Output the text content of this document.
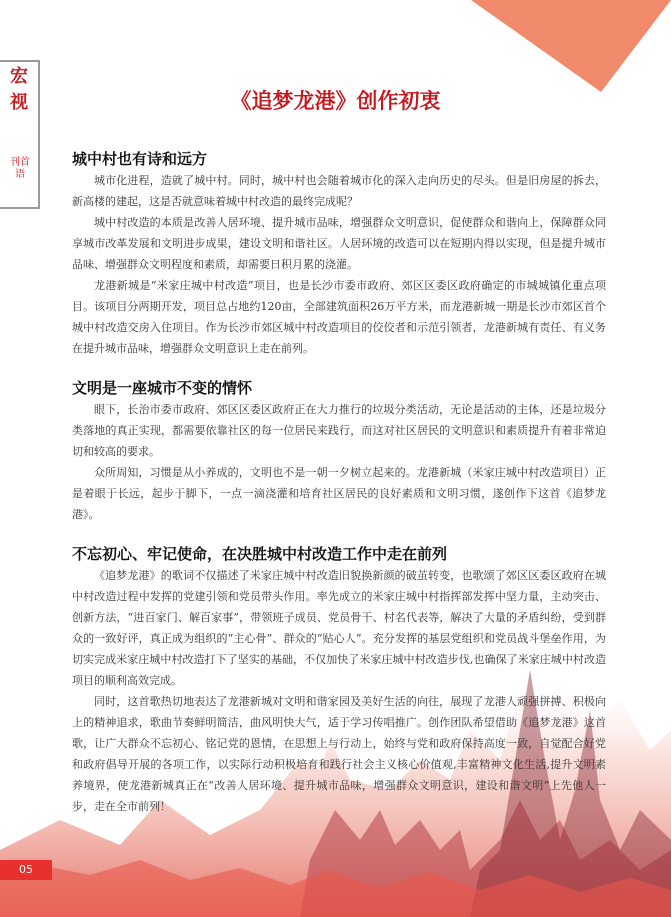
宏
视
刊首语
《追梦龙港》创作初衷
城中村也有诗和远方

城市化进程，造就了城中村。同时，城中村也会随着城市化的深入走向历史的尽头。但是旧房屋的拆去，新高楼的建起，这是否就意味着城中村改造的最终完成呢？

城中村改造的本质是改善人居环境、提升城市品味，增强群众文明意识，促使群众和谐向上，保障群众同享城市改革发展和文明进步成果，建设文明和谐社区。人居环境的改造可以在短期内得以实现，但是提升城市品味、增强群众文明程度和素质，却需要日积月累的浇灌。

龙港新城是“米家庄城中村改造”项目，也是长沙市委市政府、郊区区委区政府确定的市城城镇化重点项目。该项目分两期开发，项目总占地约120亩，全部建筑面积26万平方米，而龙港新城一期是长沙市郊区首个城中村改造交房入住项目。作为长沙市郊区城中村改造项目的佼佼者和示范引领者，龙港新城有责任、有义务在提升城市品味，增强群众文明意识上走在前列。

文明是一座城市不变的情怀

眼下，长治市委市政府、郊区区委区政府正在大力推行的垃圾分类活动，无论是活动的主体，还是垃圾分类落地的真正实现，都需要依靠社区的每一位居民来践行，而这对社区居民的文明意识和素质提升有着非常迫切和较高的要求。

众所周知，习惯是从小养成的，文明也不是一朝一夕树立起来的。龙港新城（米家庄城中村改造项目）正是着眼于长远，起步于脚下，一点一滴浇灌和培育社区居民的良好素质和文明习惯，遂创作下这首《追梦龙港》。

不忘初心、牢记使命，在决胜城中村改造工作中走在前列

《追梦龙港》的歌词不仅描述了米家庄城中村改造旧貌换新颜的破茧转变，也歌颂了郊区区委区政府在城中村改造过程中发挥的党建引领和党员带头作用。率先成立的米家庄城中村指挥部发挥中坚力量，主动突击、创新方法，“进百家门、解百家事”，带领班子成员、党员骨干、村名代表等，解决了大量的矛盾纠纷，受到群众的一致好评，真正成为组织的“主心骨”、群众的“贴心人”。充分发挥的基层党组织和党员战斗堡垒作用，为切实完成米家庄城中村改造打下了坚实的基础，不仅加快了米家庄城中村改造步伐,也确保了米家庄城中村改造项目的顺利高效完成。

同时，这首歌热切地表达了龙港新城对文明和谐家园及美好生活的向往，展现了龙港人顽强拼搏、积极向上的精神追求，歌曲节奏鲜明简洁，曲风明快大气，适于学习传唱推广。创作团队希望借助《追梦龙港》这首歌，让广大群众不忘初心、铭记党的恩情，在思想上与行动上，始终与党和政府保持高度一致，自觉配合好党和政府倡导开展的各项工作，以实际行动积极培育和践行社会主义核心价值观,丰富精神文化生活,提升文明素养境界，使龙港新城真正在“改善人居环境、提升城市品味，增强群众文明意识，建设和谐文明”上先他人一步，走在全市前列！

05
